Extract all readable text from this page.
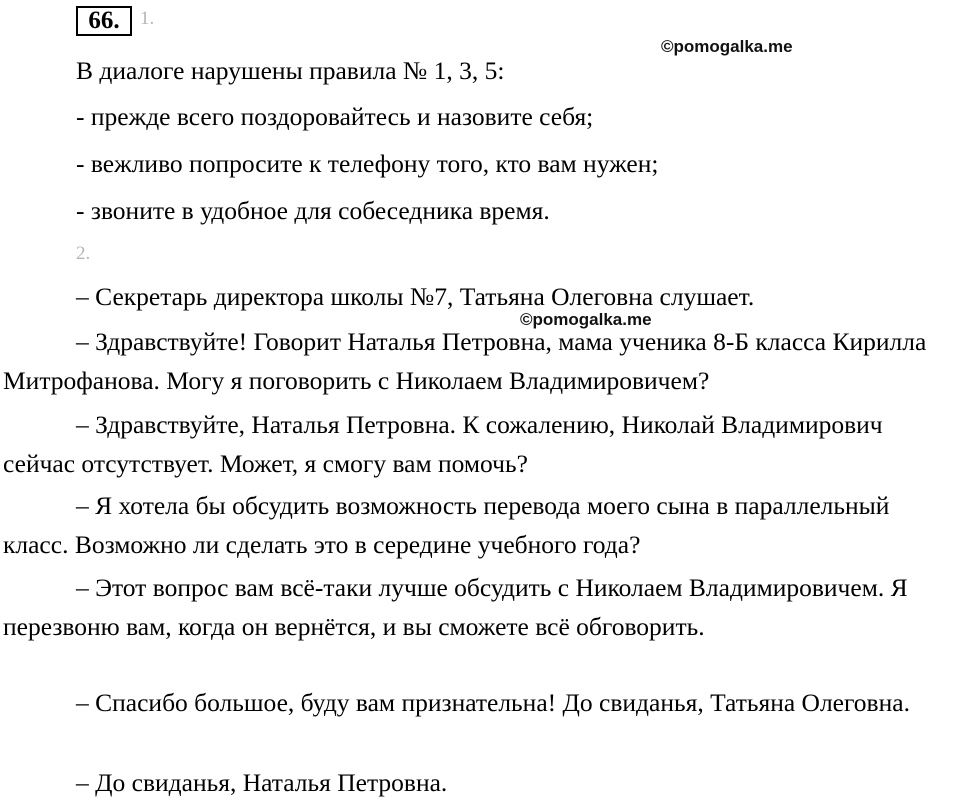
66.	1.
©pomogalka.me
В диалоге нарушены правила № 1, 3, 5:
- прежде всего поздоровайтесь и назовите себя;
- вежливо попросите к телефону того, кто вам нужен;
- звоните в удобное для собеседника время.
2.
– Секретарь директора школы №7, Татьяна Олеговна слушает.
©pomogalka.me
– Здравствуйте! Говорит Наталья Петровна, мама ученика 8-Б класса Кирилла Митрофанова. Могу я поговорить с Николаем Владимировичем?
– Здравствуйте, Наталья Петровна. К сожалению, Николай Владимирович сейчас отсутствует. Может, я смогу вам помочь?
– Я хотела бы обсудить возможность перевода моего сына в параллельный класс. Возможно ли сделать это в середине учебного года?
– Этот вопрос вам всё-таки лучше обсудить с Николаем Владимировичем. Я перезвоню вам, когда он вернётся, и вы сможете всё обговорить.
– Спасибо большое, буду вам признательна! До свиданья, Татьяна Олеговна.
– До свиданья, Наталья Петровна.
